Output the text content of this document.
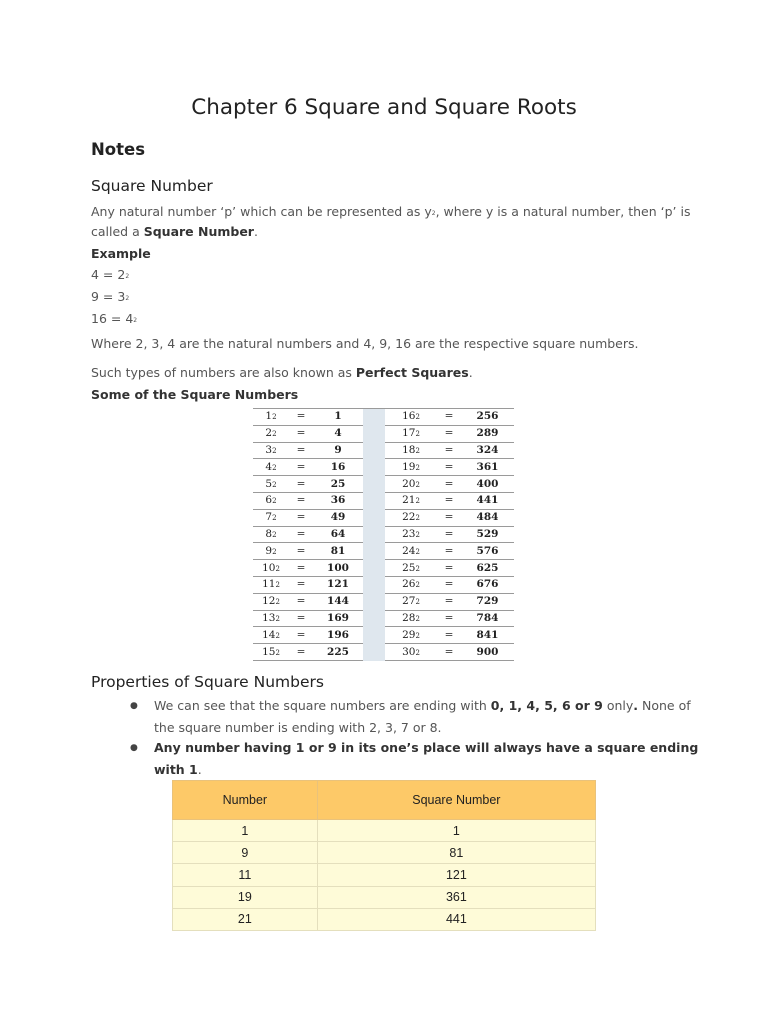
Chapter 6 Square and Square Roots
Notes
Square Number

Any natural number ‘p’ which can be represented as $y^2$, where y is a natural number, then ‘p’ is

called a Square Number.

Example

$4 = 2^2$

$9 = 3^2$

$16 = 4^2$

Where 2, 3, 4 are the natural numbers and 4, 9, 16 are the respective square numbers.

Such types of numbers are also known as Perfect Squares.

Some of the Square Numbers

$1^2$	=	1		$16^2$	=	256
$2^2$	=	4		$17^2$	=	289
$3^2$	=	9		$18^2$	=	324
$4^2$	=	16		$19^2$	=	361
$5^2$	=	25		$20^2$	=	400
$6^2$	=	36		$21^2$	=	441
$7^2$	=	49		$22^2$	=	484
$8^2$	=	64		$23^2$	=	529
$9^2$	=	81		$24^2$	=	576
$10^2$	=	100		$25^2$	=	625
$11^2$	=	121		$26^2$	=	676
$12^2$	=	144		$27^2$	=	729
$13^2$	=	169		$28^2$	=	784
$14^2$	=	196		$29^2$	=	841
$15^2$	=	225		$30^2$	=	900
Properties of Square Numbers
● We can see that the square numbers are ending with 0, 1, 4, 5, 6 or 9 only. None of

the square number is ending with 2, 3, 7 or 8.

● Any number having 1 or 9 in its one’s place will always have a square ending

with 1.

Number	Square Number
1	1
9	81
11	121
19	361
21	441
